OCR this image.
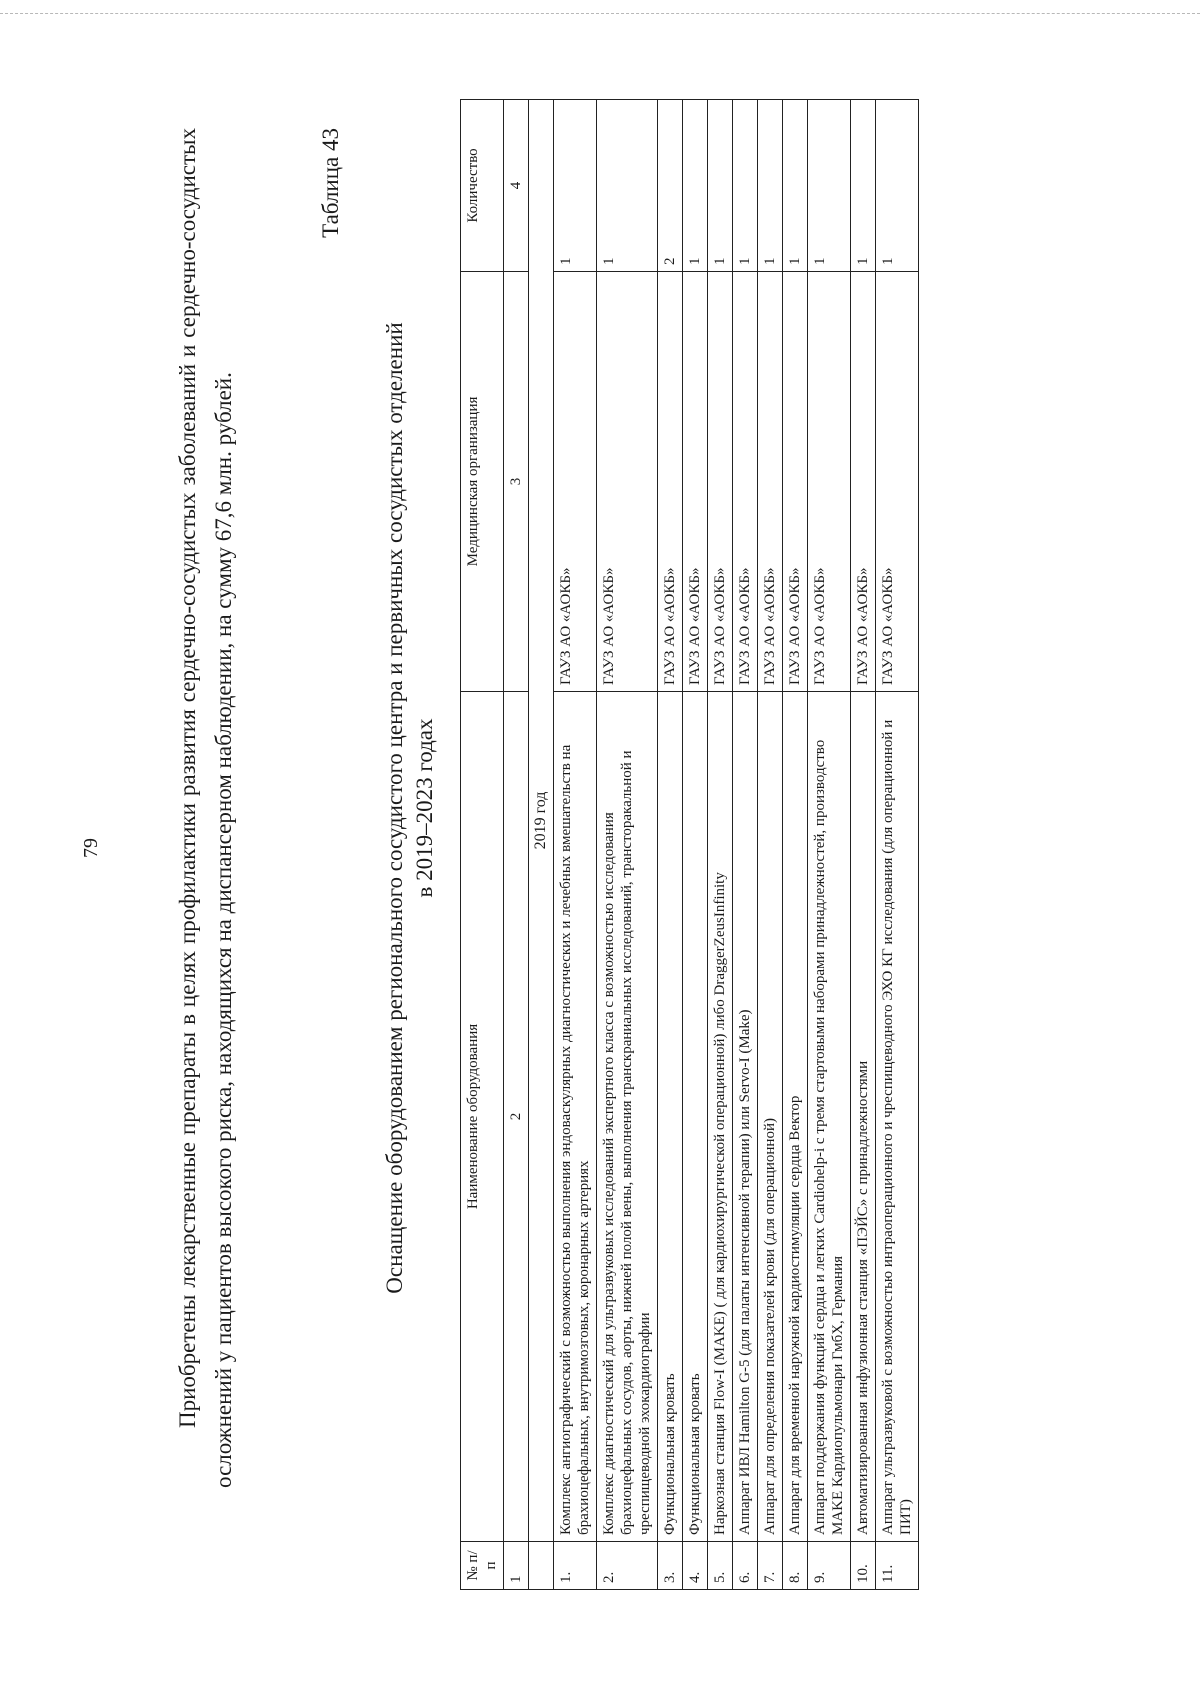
79	Приобретены лекарственные препараты в целях профилактики развития сердечно-сосудистых заболеваний и сердечно-сосудистых осложнений у пациентов высокого риска, находящихся на диспансерном наблюдении, на сумму 67,6 млн. рублей.

Таблица 43
Оснащение оборудованием регионального сосудистого центра и первичных сосудистых отделений в 2019–2023 годах
№ п/п	Наименование оборудования	Медицинская организация	Количество
1	2	3	4
	2019 год		
1.	Комплекс ангиографический с возможностью выполнения эндоваскулярных диагностических и лечебных вмешательств на брахиоцефальных, внутримозговых, коронарных артериях	ГАУЗ АО «АОКБ»	1
2.	Комплекс диагностический для ультразвуковых исследований экспертного класса с возможностью исследования брахиоцефальных сосудов, аорты, нижней полой вены, выполнения транскраниальных исследований, трансторакальной и чреспищеводной эхокардиографии	ГАУЗ АО «АОКБ»	1
3.	Функциональная кровать	ГАУЗ АО «АОКБ»	2
4.	Функциональная кровать	ГАУЗ АО «АОКБ»	1
5.	Наркозная станция Flow-I (MAKE) ( для кардиохирургической операционной) либо DraggerZeusInfinity	ГАУЗ АО «АОКБ»	1
6.	Аппарат ИВЛ Hamilton G-5 (для палаты интенсивной терапии) или Servo-I (Make)	ГАУЗ АО «АОКБ»	1
7.	Аппарат для определения показателей крови (для операционной)	ГАУЗ АО «АОКБ»	1
8.	Аппарат для временной наружной кардиостимуляции сердца Вектор	ГАУЗ АО «АОКБ»	1
9.	Аппарат поддержания функций сердца и легких Cardiohelp-i с тремя стартовыми наборами принадлежностей, производство MAKE Кардиопульмонари ГмбХ, Германия	ГАУЗ АО «АОКБ»	1
10.	Автоматизированная инфузионная станция «ПЭЙС» с принадлежностями	ГАУЗ АО «АОКБ»	1
11.	Аппарат ультразвуковой с возможностью интраоперационного и чреспищеводного ЭХО КГ исследования (для операционной и ПИТ)	ГАУЗ АО «АОКБ»	1
